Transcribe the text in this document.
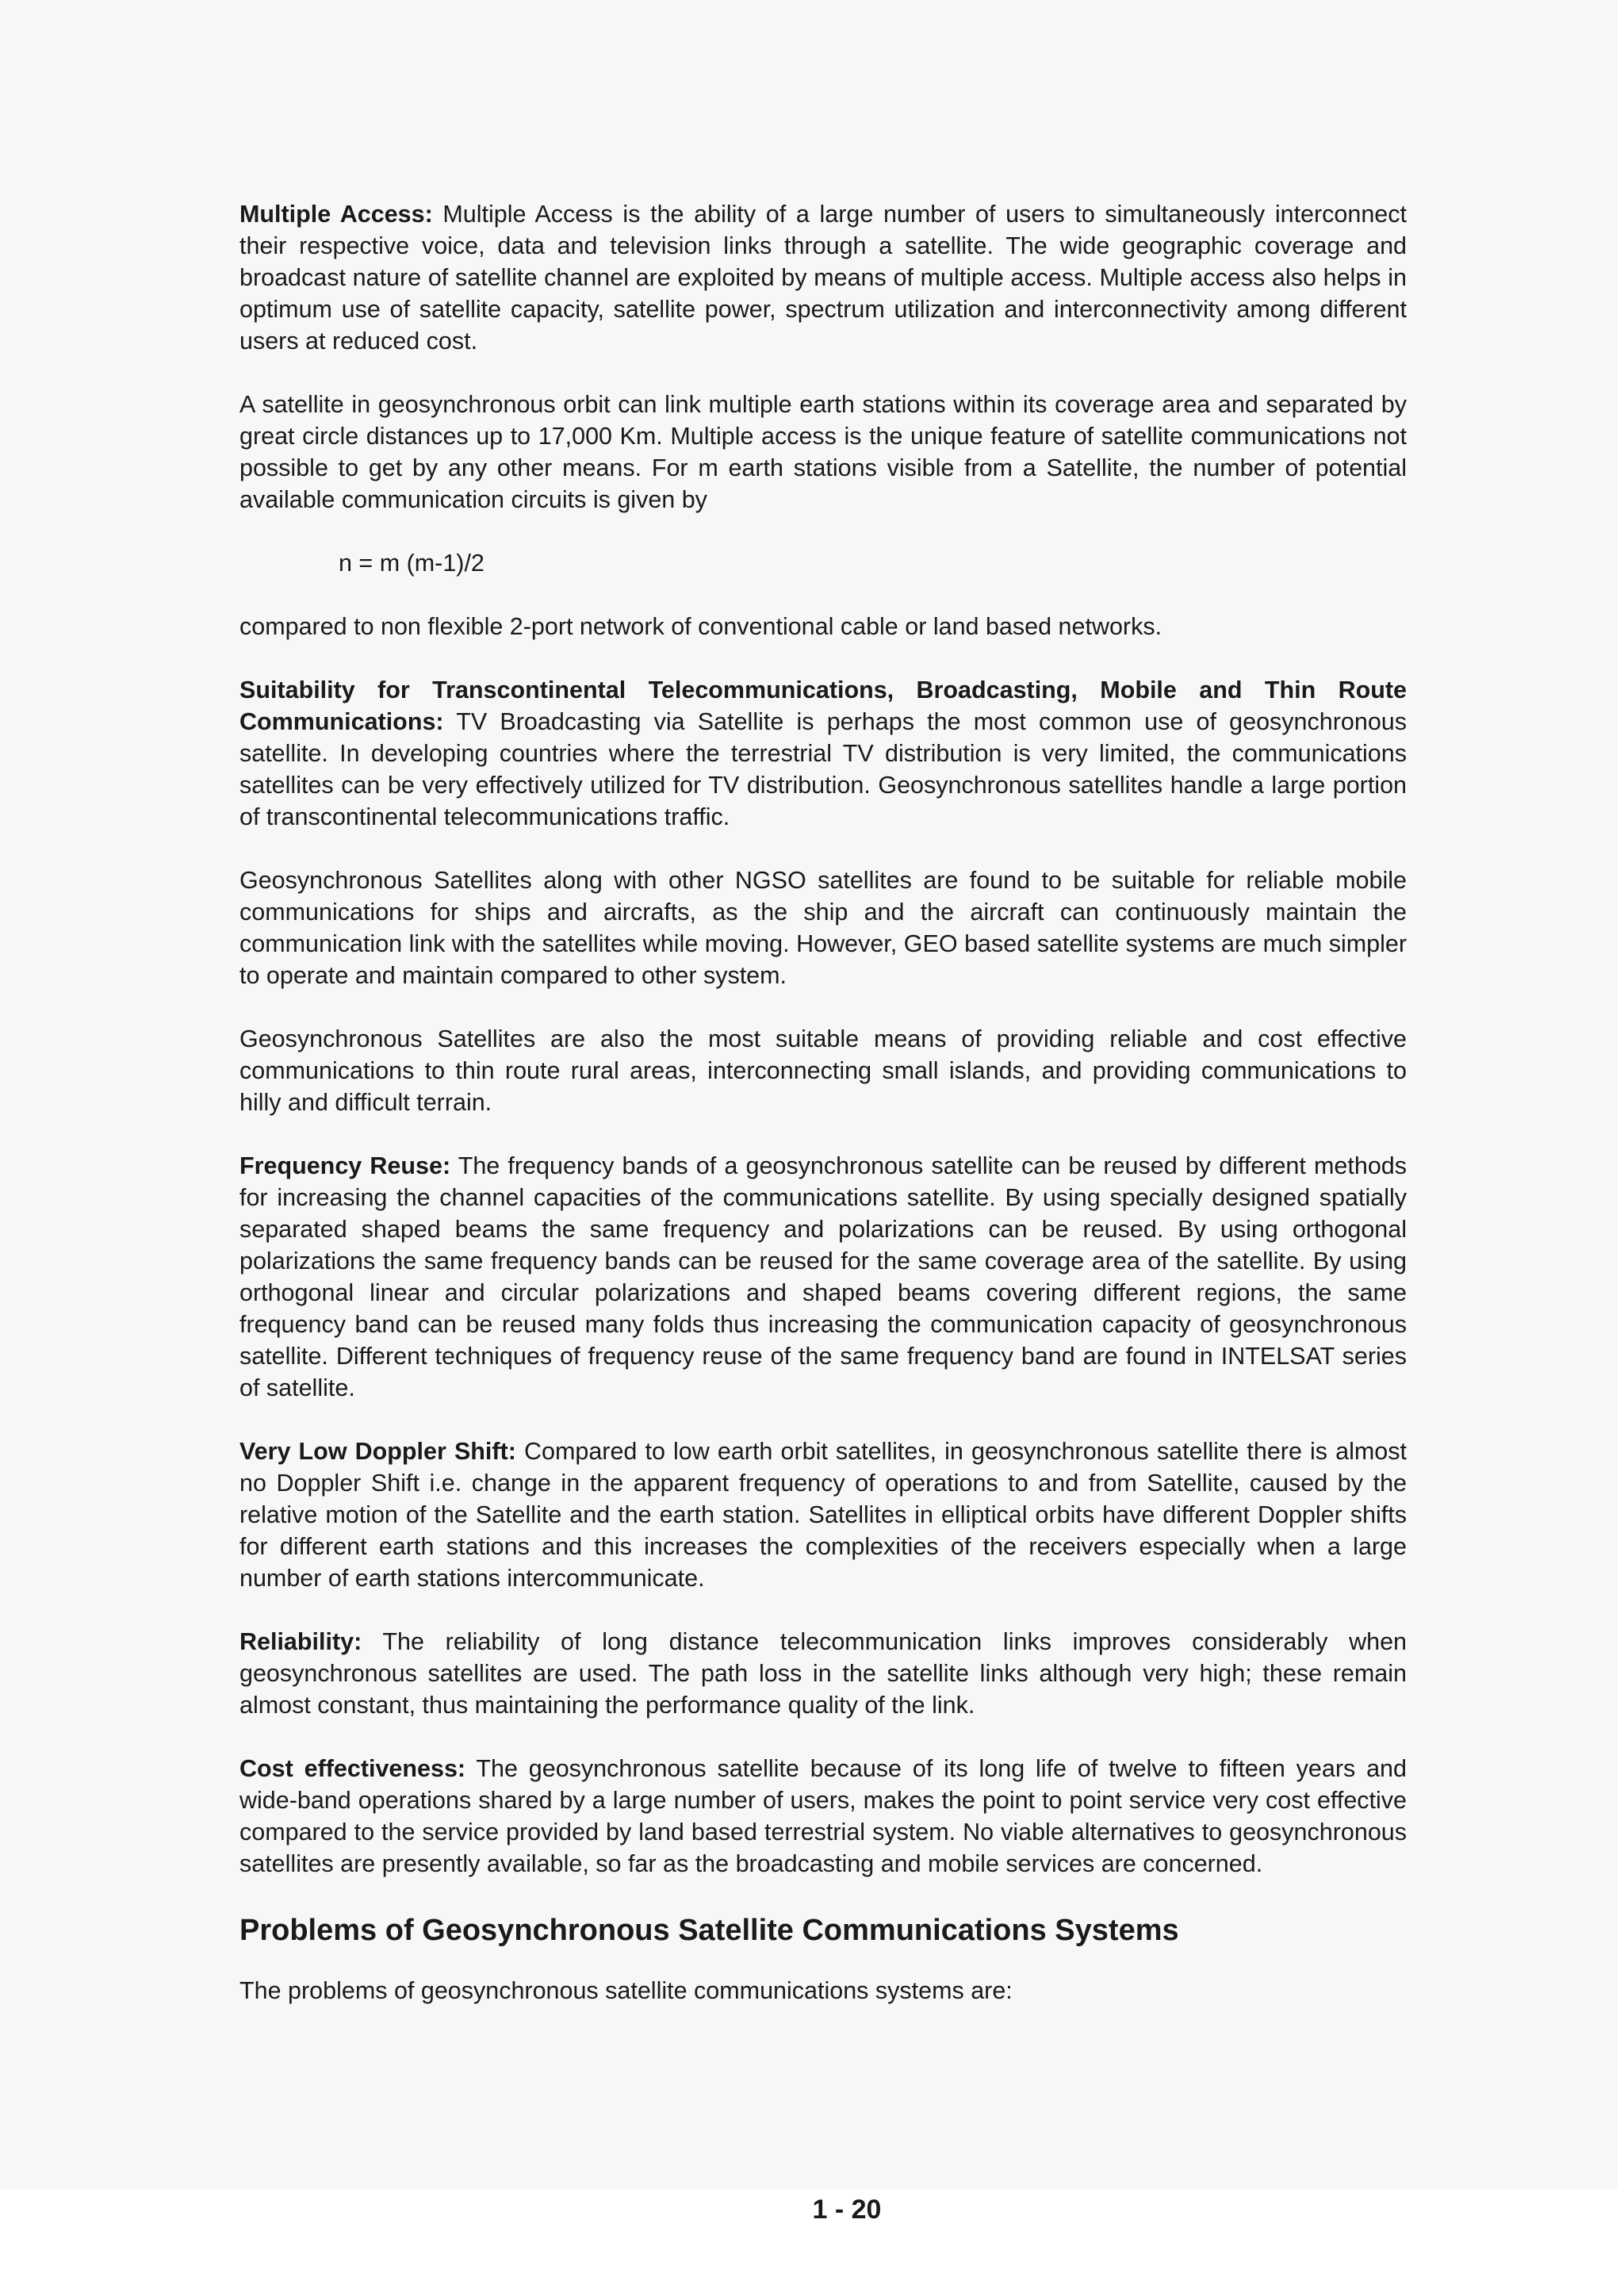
Multiple Access: Multiple Access is the ability of a large number of users to simultaneously interconnect their respective voice, data and television links through a satellite. The wide geographic coverage and broadcast nature of satellite channel are exploited by means of multiple access. Multiple access also helps in optimum use of satellite capacity, satellite power, spectrum utilization and interconnectivity among different users at reduced cost.

A satellite in geosynchronous orbit can link multiple earth stations within its coverage area and separated by great circle distances up to 17,000 Km. Multiple access is the unique feature of satellite communications not possible to get by any other means. For m earth stations visible from a Satellite, the number of potential available communication circuits is given by

n = m (m-1)/2

compared to non flexible 2-port network of conventional cable or land based networks.

Suitability for Transcontinental Telecommunications, Broadcasting, Mobile and Thin Route Communications: TV Broadcasting via Satellite is perhaps the most common use of geosynchronous satellite. In developing countries where the terrestrial TV distribution is very limited, the communications satellites can be very effectively utilized for TV distribution. Geosynchronous satellites handle a large portion of transcontinental telecommunications traffic.

Geosynchronous Satellites along with other NGSO satellites are found to be suitable for reliable mobile communications for ships and aircrafts, as the ship and the aircraft can continuously maintain the communication link with the satellites while moving. However, GEO based satellite systems are much simpler to operate and maintain compared to other system.

Geosynchronous Satellites are also the most suitable means of providing reliable and cost effective communications to thin route rural areas, interconnecting small islands, and providing communications to hilly and difficult terrain.

Frequency Reuse: The frequency bands of a geosynchronous satellite can be reused by different methods for increasing the channel capacities of the communications satellite. By using specially designed spatially separated shaped beams the same frequency and polarizations can be reused. By using orthogonal polarizations the same frequency bands can be reused for the same coverage area of the satellite. By using orthogonal linear and circular polarizations and shaped beams covering different regions, the same frequency band can be reused many folds thus increasing the communication capacity of geosynchronous satellite. Different techniques of frequency reuse of the same frequency band are found in INTELSAT series of satellite.

Very Low Doppler Shift: Compared to low earth orbit satellites, in geosynchronous satellite there is almost no Doppler Shift i.e. change in the apparent frequency of operations to and from Satellite, caused by the relative motion of the Satellite and the earth station. Satellites in elliptical orbits have different Doppler shifts for different earth stations and this increases the complexities of the receivers especially when a large number of earth stations intercommunicate.

Reliability: The reliability of long distance telecommunication links improves considerably when geosynchronous satellites are used. The path loss in the satellite links although very high; these remain almost constant, thus maintaining the performance quality of the link.

Cost effectiveness: The geosynchronous satellite because of its long life of twelve to fifteen years and wide-band operations shared by a large number of users, makes the point to point service very cost effective compared to the service provided by land based terrestrial system. No viable alternatives to geosynchronous satellites are presently available, so far as the broadcasting and mobile services are concerned.

Problems of Geosynchronous Satellite Communications Systems

The problems of geosynchronous satellite communications systems are:

1 - 20
